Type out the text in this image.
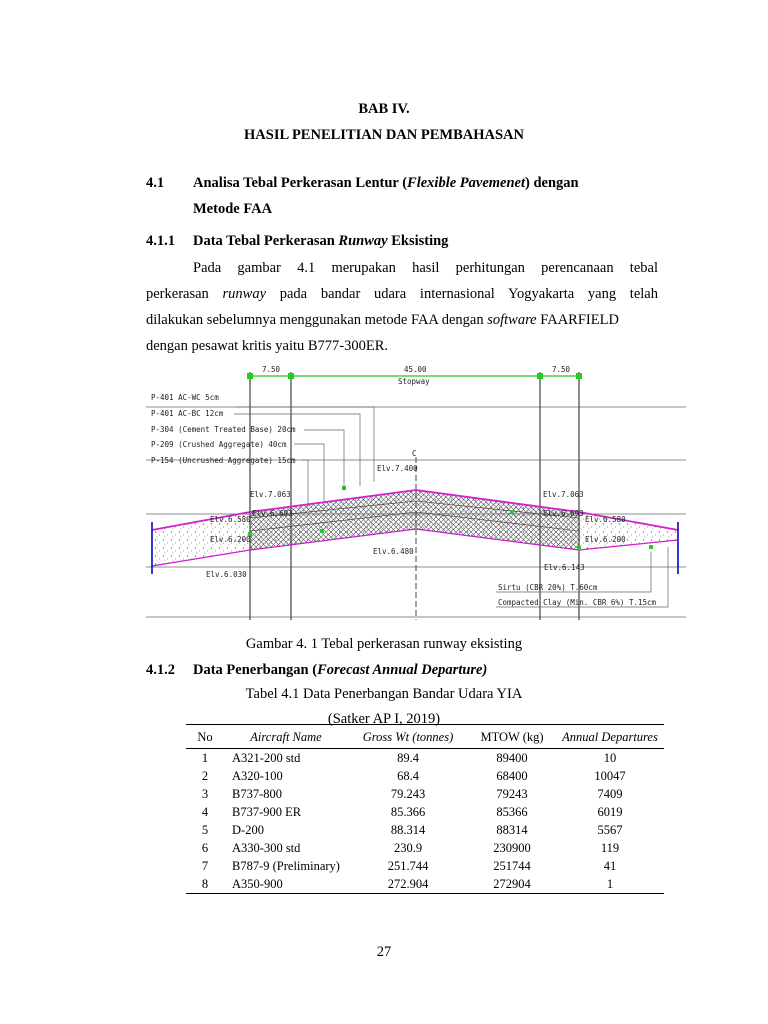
BAB IV.
HASIL PENELITIAN DAN PEMBAHASAN
4.1 Analisa Tebal Perkerasan Lentur (Flexible Pavemenet) dengan
Metode FAA
4.1.1 Data Tebal Perkerasan Runway Eksisting
Pada gambar 4.1 merupakan hasil perhitungan perencanaan tebal
perkerasan runway pada bandar udara internasional Yogyakarta yang telah
dilakukan sebelumnya menggunakan metode FAA dengan software FAARFIELD
dengan pesawat kritis yaitu B777-300ER.
7.50	45.00
Stopway
7.50
C
P-401 AC-WC 5cm
P-401 AC-BC 12cm
P-304 (Cement Treated Base) 20cm
P-209 (Crushed Aggregate) 40cm
P-154 (Uncrushed Aggregate) 15cm
Elv.7.400
Elv.7.063	Elv.7.063
Elv.6.693	Elv.6.693
Elv.6.580	Elv.6.580
Elv.6.200	Elv.6.200
Elv.6.480
Elv.6.030
Elv.6.143
Sirtu (CBR 20%) T.60cm
Compacted Clay (Min. CBR 6%) T.15cm
Gambar 4. 1 Tebal perkerasan runway eksisting
4.1.2 Data Penerbangan (Forecast Annual Departure)
Tabel 4.1 Data Penerbangan Bandar Udara YIA
(Satker AP I, 2019)
No	Aircraft Name	Gross Wt (tonnes)	MTOW (kg)	Annual Departures
1	A321-200 std	89.4	89400	10
2	A320-100	68.4	68400	10047
3	B737-800	79.243	79243	7409
4	B737-900 ER	85.366	85366	6019
5	D-200	88.314	88314	5567
6	A330-300 std	230.9	230900	119
7	B787-9 (Preliminary)	251.744	251744	41
8	A350-900	272.904	272904	1
27
